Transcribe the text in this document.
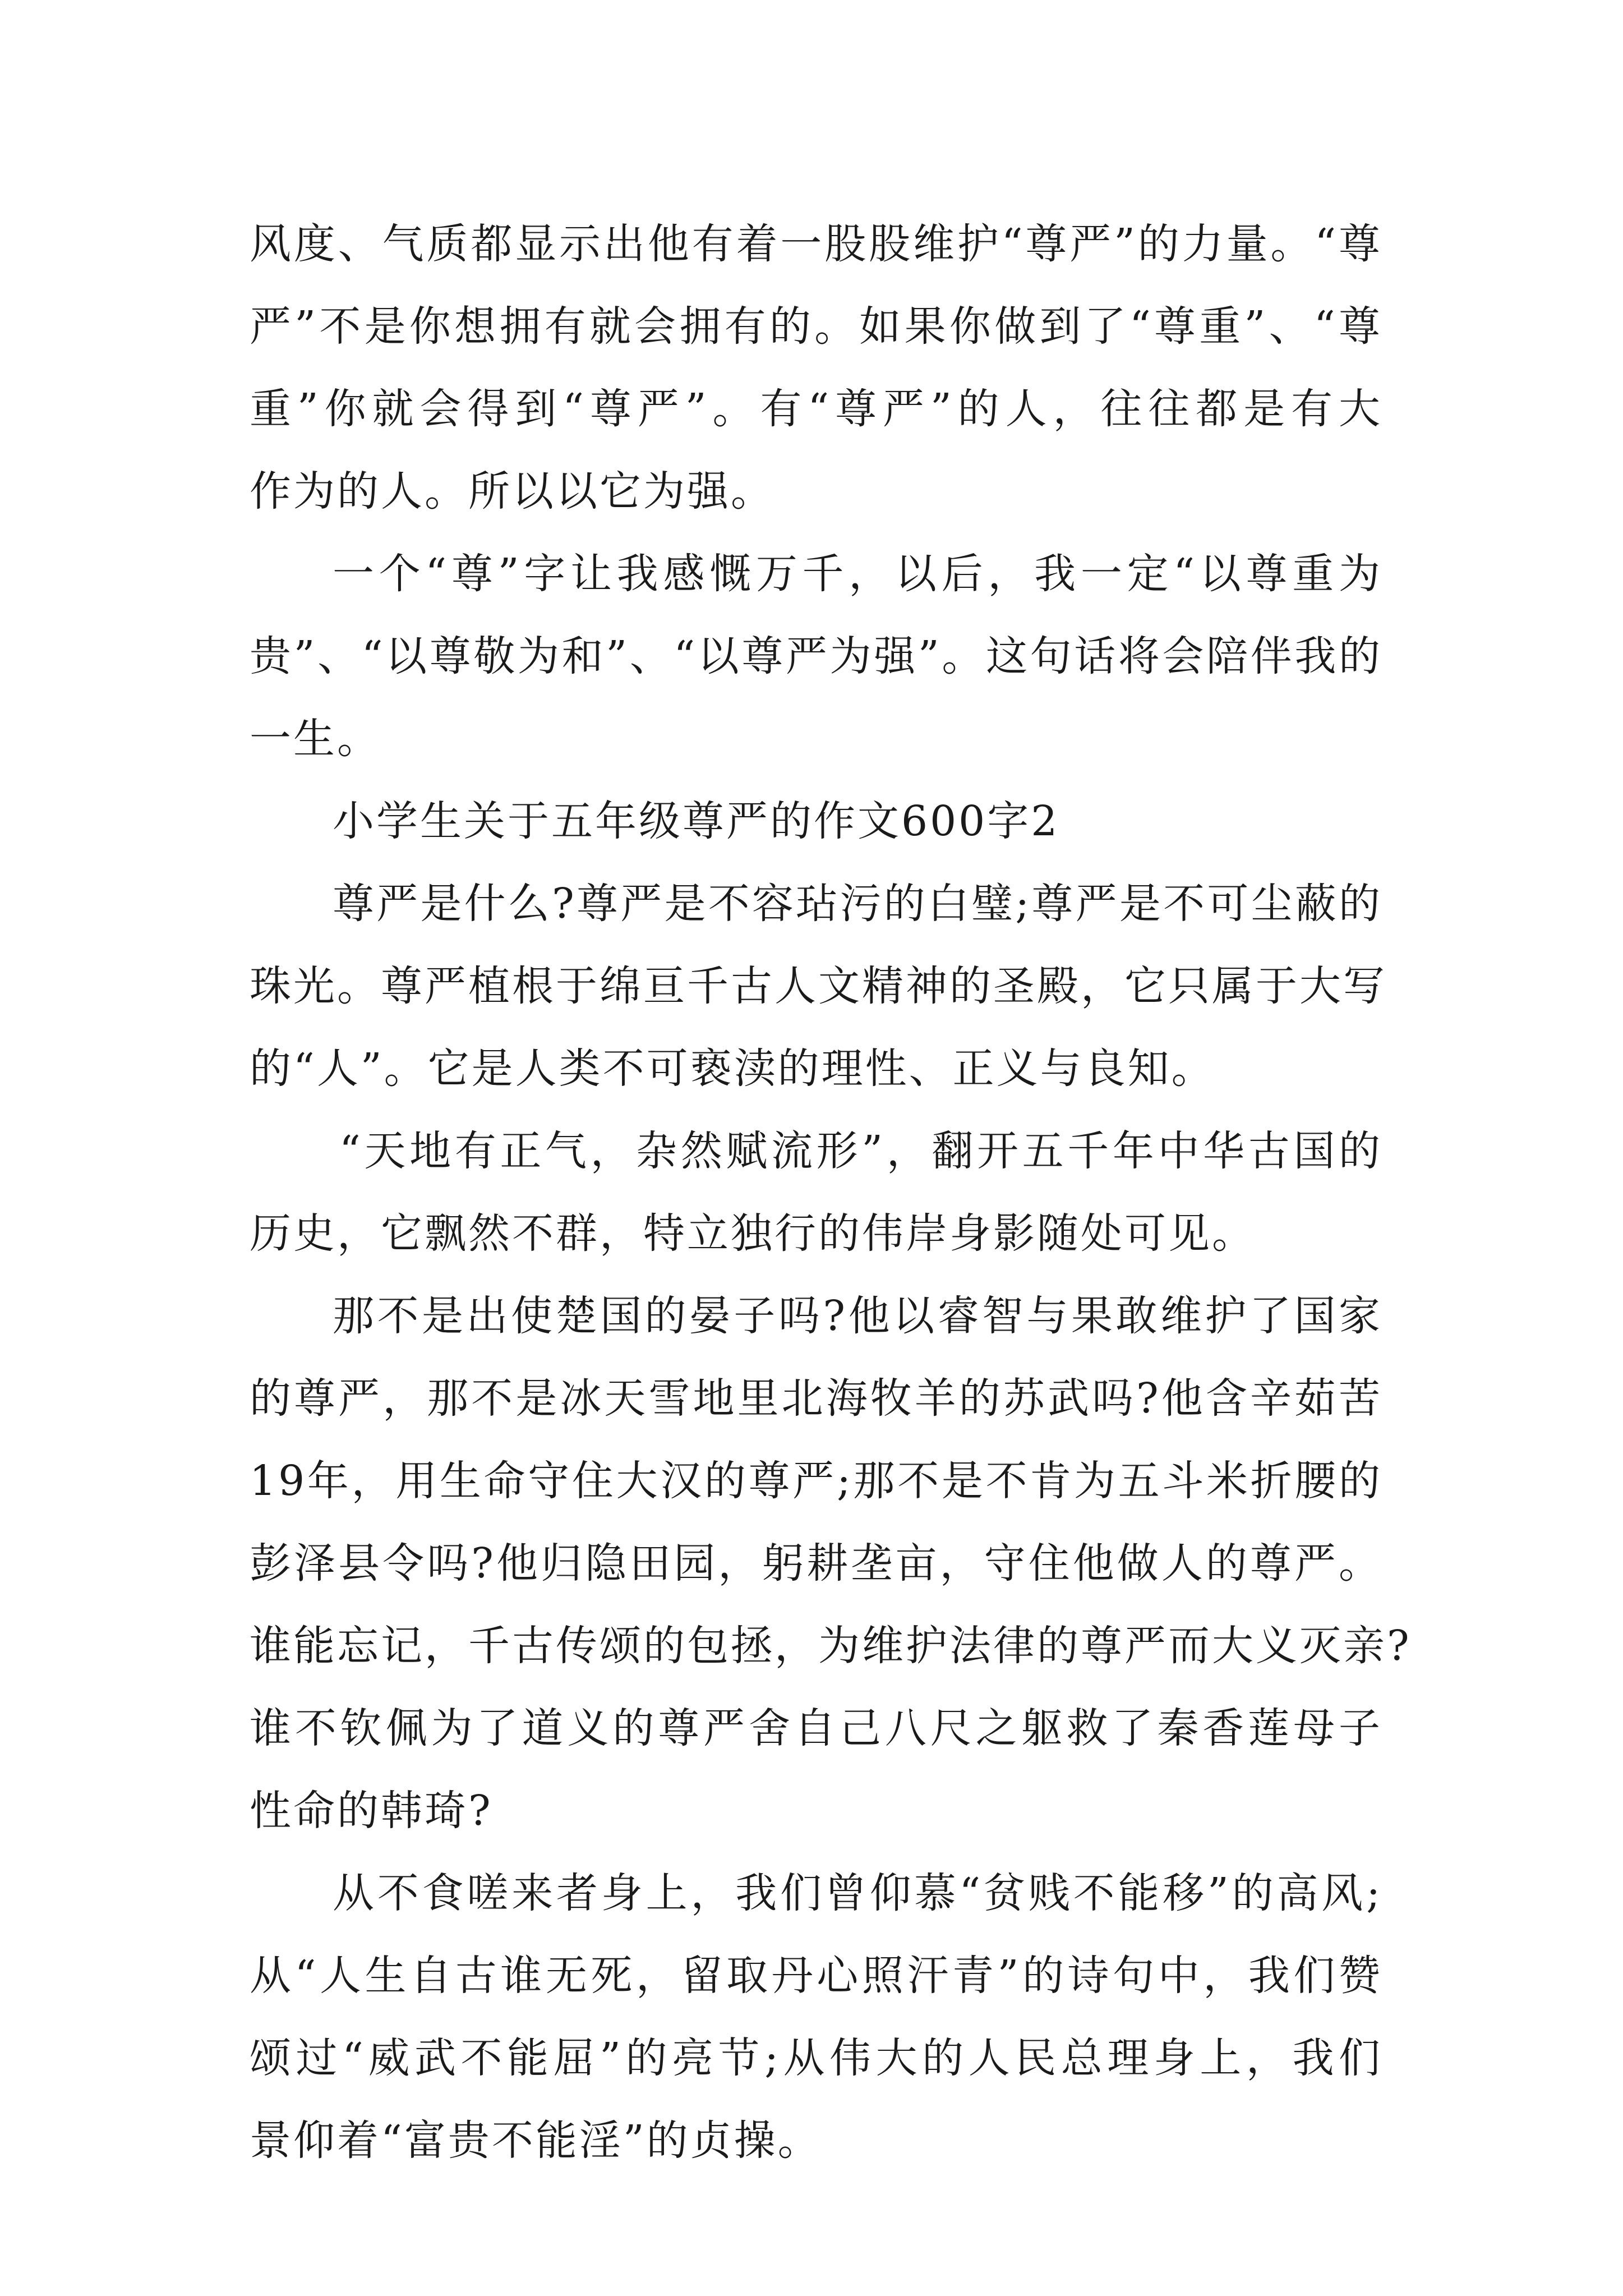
风度、气质都显示出他有着一股股维护“尊严”的力量。“尊
严”不是你想拥有就会拥有的。如果你做到了“尊重”、“尊
重”你就会得到“尊严”。有“尊严”的人，往往都是有大
作为的人。所以以它为强。
一个“尊”字让我感慨万千，以后，我一定“以尊重为
贵”、“以尊敬为和”、“以尊严为强”。这句话将会陪伴我的
一生。
小学生关于五年级尊严的作文600字2
尊严是什么?尊严是不容玷污的白璧;尊严是不可尘蔽的
珠光。尊严植根于绵亘千古人文精神的圣殿，它只属于大写
的“人”。它是人类不可亵渎的理性、正义与良知。
“天地有正气，杂然赋流形”，翻开五千年中华古国的
历史，它飘然不群，特立独行的伟岸身影随处可见。
那不是出使楚国的晏子吗?他以睿智与果敢维护了国家
的尊严，那不是冰天雪地里北海牧羊的苏武吗?他含辛茹苦
19年，用生命守住大汉的尊严;那不是不肯为五斗米折腰的
彭泽县令吗?他归隐田园，躬耕垄亩，守住他做人的尊严。
谁能忘记，千古传颂的包拯，为维护法律的尊严而大义灭亲?
谁不钦佩为了道义的尊严舍自己八尺之躯救了秦香莲母子
性命的韩琦?
从不食嗟来者身上，我们曾仰慕“贫贱不能移”的高风;
从“人生自古谁无死，留取丹心照汗青”的诗句中，我们赞
颂过“威武不能屈”的亮节;从伟大的人民总理身上，我们
景仰着“富贵不能淫”的贞操。
